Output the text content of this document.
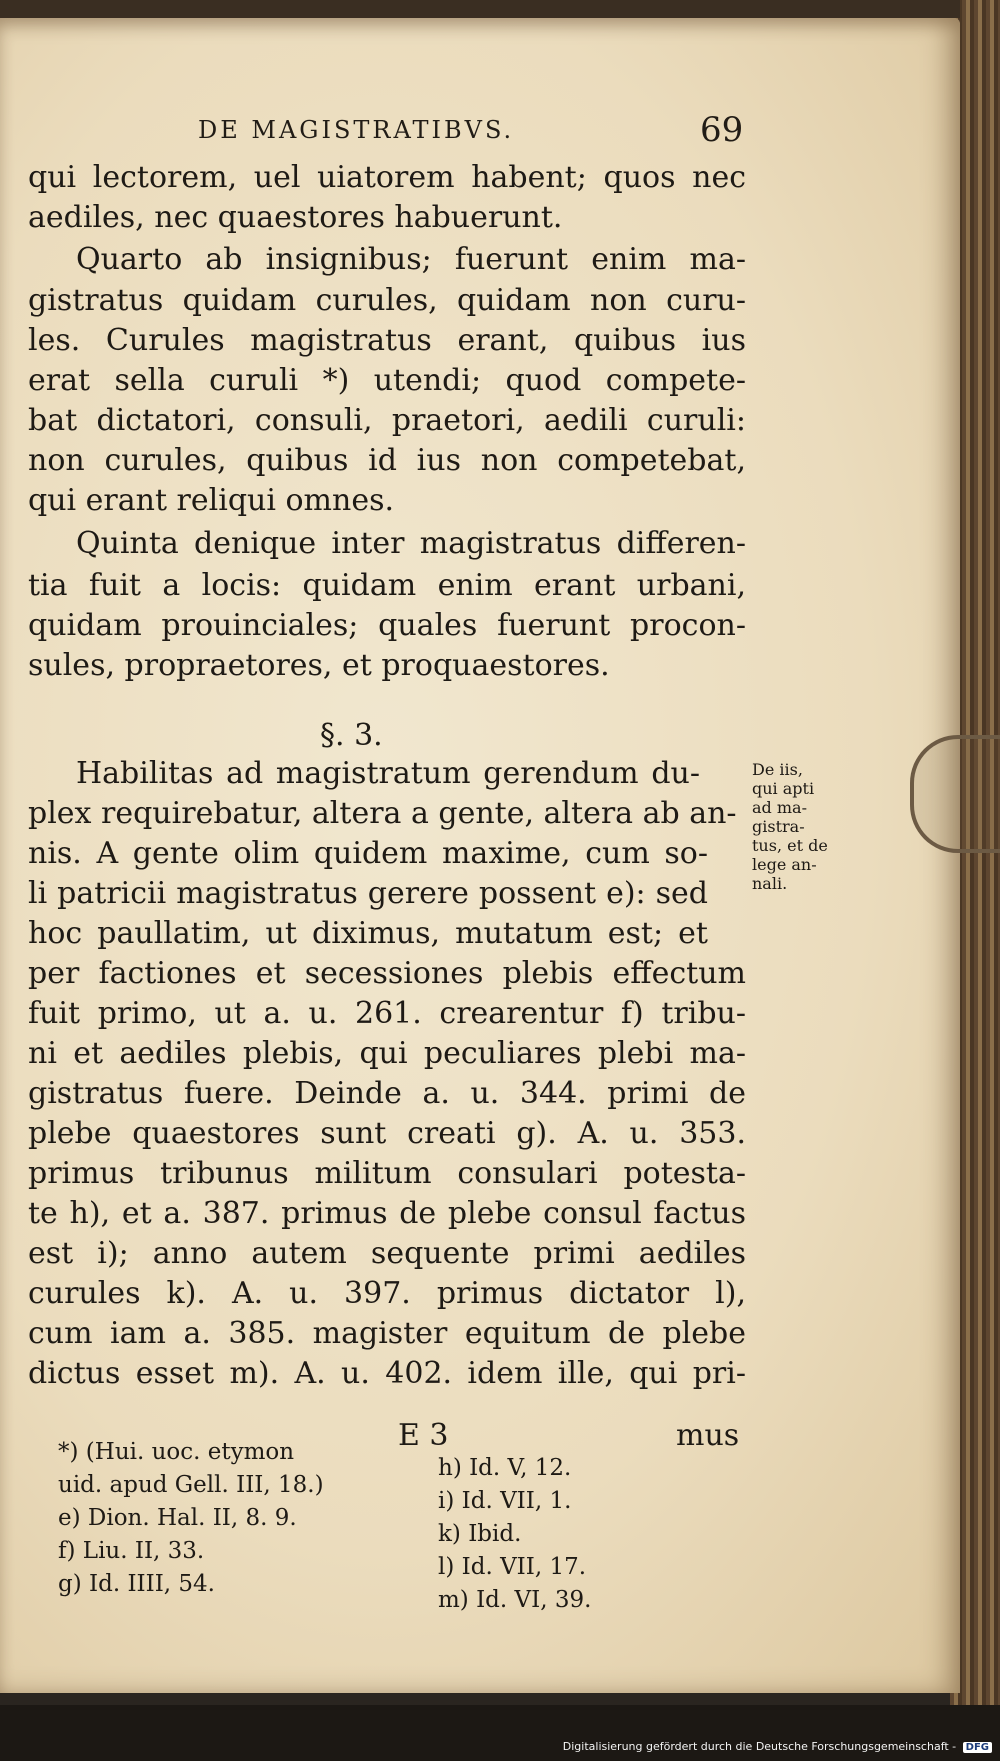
DE MAGISTRATIBVS.	69
qui lectorem, uel uiatorem habent; quos nec
aediles, nec quaestores habuerunt.
Quarto ab insignibus; fuerunt enim ma-
gistratus quidam curules, quidam non curu-
les. Curules magistratus erant, quibus ius
erat sella curuli *) utendi; quod compete-
bat dictatori, consuli, praetori, aedili curuli:
non curules, quibus id ius non competebat,
qui erant reliqui omnes.
Quinta denique inter magistratus differen-
tia fuit a locis: quidam enim erant urbani,
quidam prouinciales; quales fuerunt procon-
sules, propraetores, et proquaestores.
Habilitas ad magistratum gerendum du-
plex requirebatur, altera a gente, altera ab an-
nis. A gente olim quidem maxime, cum so-
li patricii magistratus gerere possent e): sed
hoc paullatim, ut diximus, mutatum est; et
per factiones et secessiones plebis effectum
fuit primo, ut a. u. 261. crearentur f) tribu-
ni et aediles plebis, qui peculiares plebi ma-
gistratus fuere. Deinde a. u. 344. primi de
plebe quaestores sunt creati g). A. u. 353.
primus tribunus militum consulari potesta-
te h), et a. 387. primus de plebe consul factus
est i); anno autem sequente primi aediles
curules k). A. u. 397. primus dictator l),
cum iam a. 385. magister equitum de plebe
dictus esset m). A. u. 402. idem ille, qui pri-
§. 3.
E 3	mus
De iis,
qui apti
ad ma-
gistra-
tus, et de
lege an-
nali.
*) (Hui. uoc. etymon
uid. apud Gell. III, 18.)
e) Dion. Hal. II, 8. 9.
f) Liu. II, 33.
g) Id. IIII, 54.
h) Id. V, 12.
i) Id. VII, 1.
k) Ibid.
l) Id. VII, 17.
m) Id. VI, 39.
Digitalisierung gefördert durch die Deutsche Forschungsgemeinschaft - DFG
